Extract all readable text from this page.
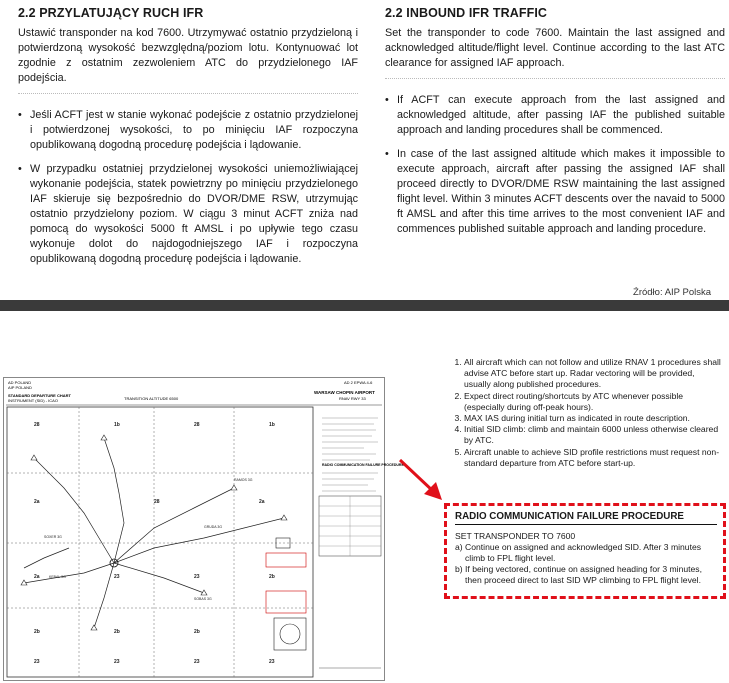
2.2 PRZYLATUJĄCY RUCH IFR

Ustawić transponder na kod 7600. Utrzymywać ostatnio przydzieloną i potwierdzoną wysokość bezwzględną/poziom lotu. Kontynuować lot zgodnie z ostatnim zezwoleniem ATC do przydzielonego IAF podejścia.

• Jeśli ACFT jest w stanie wykonać podejście z ostatnio przydzielonej i potwierdzonej wysokości, to po minięciu IAF rozpoczyna opublikowaną dogodną procedurę podejścia i lądowanie.
• W przypadku ostatniej przydzielonej wysokości uniemożliwiającej wykonanie podejścia, statek powietrzny po minięciu przydzielonego IAF skieruje się bezpośrednio do DVOR/DME RSW, utrzymując ostatnio przydzielony poziom. W ciągu 3 minut ACFT zniża nad pomocą do wysokości 5000 ft AMSL i po upływie tego czasu wykonuje dolot do najdogodniejszego IAF i rozpoczyna opublikowaną dogodną procedurę podejścia i lądowanie.
2.2 INBOUND IFR TRAFFIC

Set the transponder to code 7600. Maintain the last assigned and acknowledged altitude/flight level. Continue according to the last ATC clearance for assigned IAF approach.

• If ACFT can execute approach from the last assigned and acknowledged altitude, after passing IAF the published suitable approach and landing procedures shall be commenced.
• In case of the last assigned altitude which makes it impossible to execute approach, aircraft after passing the assigned IAF shall proceed directly to DVOR/DME RSW maintaining the last assigned flight level. Within 3 minutes ACFT descents over the navaid to 5000 ft AMSL and after this time arrives to the most convenient IAF and commences published suitable approach and landing procedure.
Źródło: AIP Polska
AD POLAND
AIP POLAND
STANDARD DEPARTURE CHART
INSTRUMENT (SID) - ICAO	TRANSITION ALTITUDE 6500
AD 2 EPWA 4-6
WARSAW CHOPIN AIRPORT
RNAV RWY 33
28	1b	28	1b
2a	28	2a
2a	23	23	2b
2b	2b	2b
23	23	23	23
RAMOS 3G
GRUDA 3G
KEBAL 3G
SOXER 3G
SOBAS 3G
RADIO COMMUNICATION FAILURE PROCEDURE
1. All aircraft which can not follow and utilize RNAV 1 procedures shall advise ATC before start up. Radar vectoring will be provided, usually along published procedures.
2. Expect direct routing/shortcuts by ATC whenever possible (especially during off-peak hours).
3. MAX IAS during initial turn as indicated in route description.
4. Initial SID climb: climb and maintain 6000 unless otherwise cleared by ATC.
5. Aircraft unable to achieve SID profile restrictions must request non-standard departure from ATC before start-up.
RADIO COMMUNICATION FAILURE PROCEDURE
SET TRANSPONDER TO 7600
a) Continue on assigned and acknowledged SID. After 3 minutes climb to FPL flight level.
b) If being vectored, continue on assigned heading for 3 minutes, then proceed direct to last SID WP climbing to FPL flight level.
